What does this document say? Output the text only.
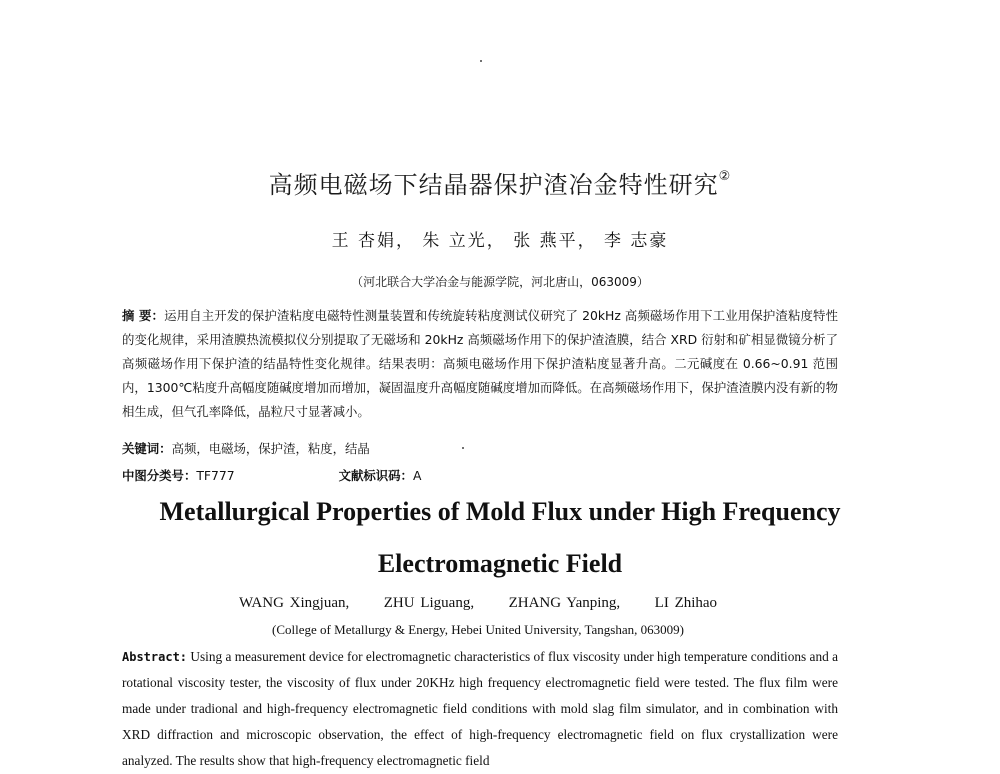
高频电磁场下结晶器保护渣冶金特性研究②
王 杏娟， 朱 立光， 张 燕平， 李 志豪
（河北联合大学冶金与能源学院，河北唐山，063009）
摘 要：运用自主开发的保护渣粘度电磁特性测量装置和传统旋转粘度测试仪研究了 20kHz 高频磁场作用下工业用保护渣粘度特性的变化规律，采用渣膜热流模拟仪分别提取了无磁场和 20kHz 高频磁场作用下的保护渣渣膜，结合 XRD 衍射和矿相显微镜分析了高频磁场作用下保护渣的结晶特性变化规律。结果表明：高频电磁场作用下保护渣粘度显著升高。二元碱度在 0.66~0.91 范围内，1300℃粘度升高幅度随碱度增加而增加，凝固温度升高幅度随碱度增加而降低。在高频磁场作用下，保护渣渣膜内没有新的物相生成，但气孔率降低，晶粒尺寸显著减小。
关键词：高频，电磁场，保护渣，粘度，结晶
中图分类号：TF777	文献标识码：A
Metallurgical Properties of Mold Flux under High Frequency
Electromagnetic Field
WANG Xingjuan,      ZHU Liguang,      ZHANG Yanping,      LI Zhihao
(College of Metallurgy & Energy, Hebei United University, Tangshan, 063009)
Abstract: Using a measurement device for electromagnetic characteristics of flux viscosity under high temperature conditions and a rotational viscosity tester, the viscosity of flux under 20KHz high frequency electromagnetic field were tested. The flux film were made under tradional and high-frequency electromagnetic field conditions with mold slag film simulator, and in combination with XRD diffraction and microscopic observation, the effect of high-frequency electromagnetic field on flux crystallization were analyzed. The results show that high-frequency electromagnetic field
